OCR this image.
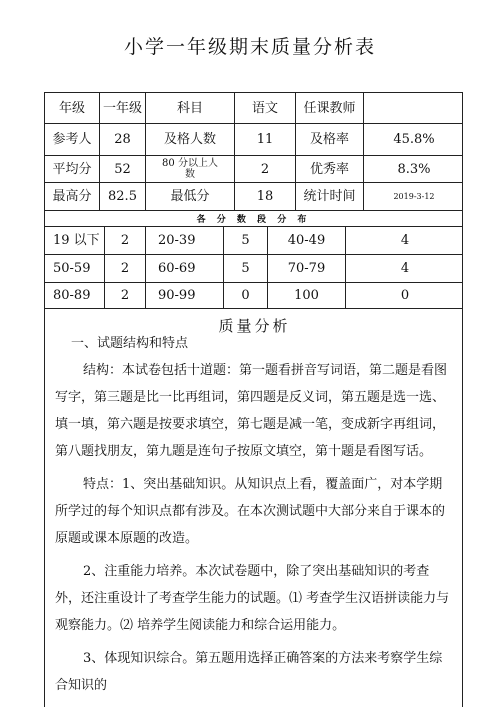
小学一年级期末质量分析表
年级	一年级	科目	语文	任课教师
参考人	28	及格人数	11	及格率	45.8%
平均分	52	80 分以上人数	2	优秀率	8.3%
最高分	82.5	最低分	18	统计时间	2019-3-12
各 分 数 段 分 布
19 以下	2	20-39	5	40-49	4
50-59	2	60-69	5	70-79	4
80-89	2	90-99	0	100	0
质量分析

一、试题结构和特点

结构：本试卷包括十道题：第一题看拼音写词语，第二题是看图写字，第三题是比一比再组词，第四题是反义词，第五题是选一选、填一填，第六题是按要求填空，第七题是减一笔，变成新字再组词，第八题找朋友，第九题是连句子按原文填空，第十题是看图写话。

特点：1、突出基础知识。从知识点上看，覆盖面广，对本学期所学过的每个知识点都有涉及。在本次测试题中大部分来自于课本的原题或课本原题的改造。

2、注重能力培养。本次试卷题中，除了突出基础知识的考查外，还注重设计了考查学生能力的试题。⑴ 考查学生汉语拼读能力与观察能力。⑵ 培养学生阅读能力和综合运用能力。

3、体现知识综合。第五题用选择正确答案的方法来考察学生综合知识的
